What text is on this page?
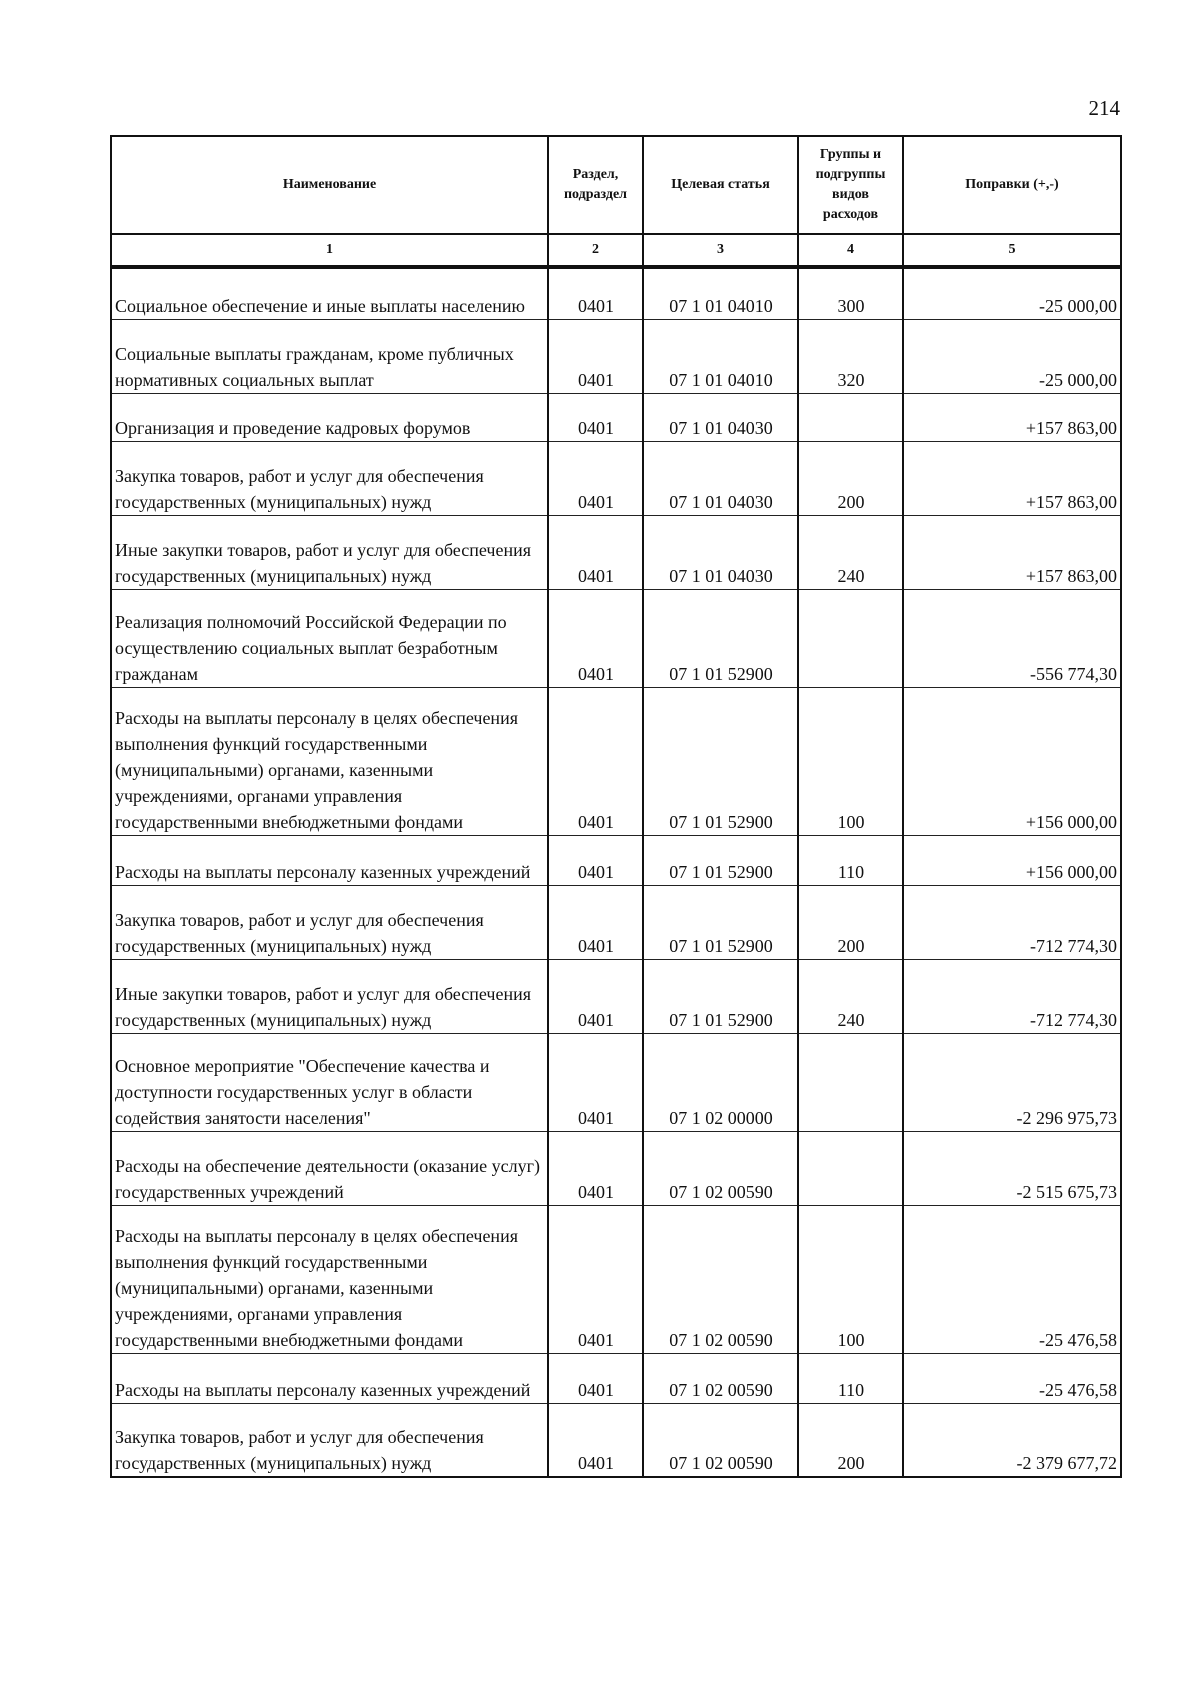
214
Наименование	Раздел, подраздел	Целевая статья	Группы и подгруппы видов расходов	Поправки (+,-)
1	2	3	4	5
Социальное обеспечение и иные выплаты населению	0401	07 1 01 04010	300	-25 000,00
Социальные выплаты гражданам, кроме публичных нормативных социальных выплат	0401	07 1 01 04010	320	-25 000,00
Организация и проведение кадровых форумов	0401	07 1 01 04030		+157 863,00
Закупка товаров, работ и услуг для обеспечения государственных (муниципальных) нужд	0401	07 1 01 04030	200	+157 863,00
Иные закупки товаров, работ и услуг для обеспечения государственных (муниципальных) нужд	0401	07 1 01 04030	240	+157 863,00
Реализация полномочий Российской Федерации по осуществлению социальных выплат безработным гражданам	0401	07 1 01 52900		-556 774,30
Расходы на выплаты персоналу в целях обеспечения выполнения функций государственными (муниципальными) органами, казенными учреждениями, органами управления государственными внебюджетными фондами	0401	07 1 01 52900	100	+156 000,00
Расходы на выплаты персоналу казенных учреждений	0401	07 1 01 52900	110	+156 000,00
Закупка товаров, работ и услуг для обеспечения государственных (муниципальных) нужд	0401	07 1 01 52900	200	-712 774,30
Иные закупки товаров, работ и услуг для обеспечения государственных (муниципальных) нужд	0401	07 1 01 52900	240	-712 774,30
Основное мероприятие "Обеспечение качества и доступности государственных услуг в области содействия занятости населения"	0401	07 1 02 00000		-2 296 975,73
Расходы на обеспечение деятельности (оказание услуг) государственных учреждений	0401	07 1 02 00590		-2 515 675,73
Расходы на выплаты персоналу в целях обеспечения выполнения функций государственными (муниципальными) органами, казенными учреждениями, органами управления государственными внебюджетными фондами	0401	07 1 02 00590	100	-25 476,58
Расходы на выплаты персоналу казенных учреждений	0401	07 1 02 00590	110	-25 476,58
Закупка товаров, работ и услуг для обеспечения государственных (муниципальных) нужд	0401	07 1 02 00590	200	-2 379 677,72
